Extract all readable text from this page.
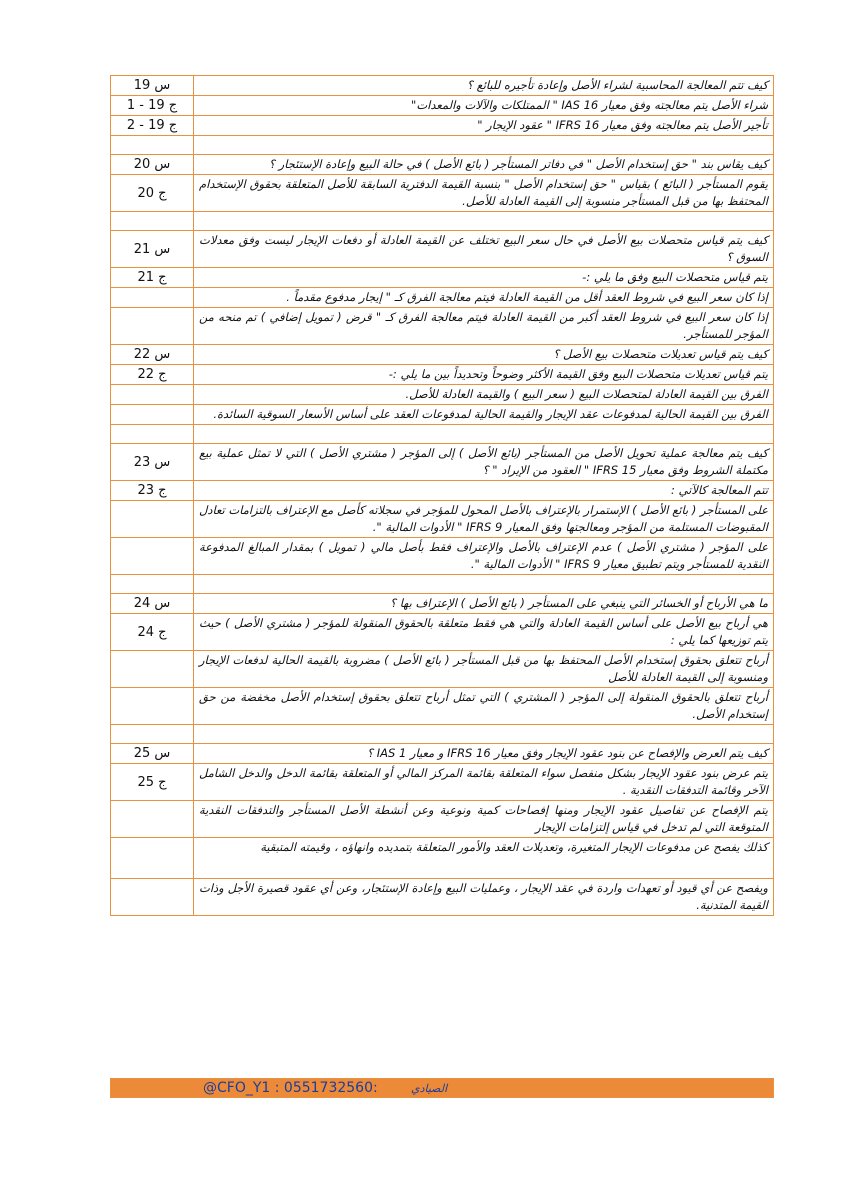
كيف تتم المعالجة المحاسبية لشراء الأصل وإعادة تأجيره للبائع ؟	س 19
شراء الأصل يتم معالجته وفق معيار IAS 16 " الممتلكات والآلات والمعدات"	ج 19 - 1
تأجير الأصل يتم معالجته وفق معيار IFRS 16 " عقود الإيجار "	ج 19 - 2

كيف يقاس بند " حق إستخدام الأصل " في دفاتر المستأجر ( بائع الأصل ) في حالة البيع وإعادة الإستئجار ؟	س 20
يقوم المستأجر ( البائع ) بقياس " حق إستخدام الأصل " بنسبة القيمة الدفترية السابقة للأصل المتعلقة بحقوق الإستخدام المحتفظ بها من قبل المستأجر منسوبة إلى القيمة العادلة للأصل.	ج 20

كيف يتم قياس متحصلات بيع الأصل في حال سعر البيع تختلف عن القيمة العادلة أو دفعات الإيجار ليست وفق معدلات السوق ؟	س 21
يتم قياس متحصلات البيع وفق ما يلي :-	ج 21
إذا كان سعر البيع في شروط العقد أقل من القيمة العادلة فيتم معالجة الفرق كـ " إيجار مدفوع مقدماً .	
إذا كان سعر البيع في شروط العقد أكبر من القيمة العادلة فيتم معالجة الفرق كـ " قرض ( تمويل إضافي ) تم منحه من المؤجر للمستأجر.	
كيف يتم قياس تعديلات متحصلات بيع الأصل ؟	س 22
يتم قياس تعديلات متحصلات البيع وفق القيمة الأكثر وضوحاً وتحديداً بين ما يلي :-	ج 22
الفرق بين القيمة العادلة لمتحصلات البيع ( سعر البيع ) والقيمة العادلة للأصل.	
الفرق بين القيمة الحالية لمدفوعات عقد الإيجار والقيمة الحالية لمدفوعات العقد على أساس الأسعار السوقية السائدة.	

كيف يتم معالجة عملية تحويل الأصل من المستأجر (بائع الأصل ) إلى المؤجر ( مشتري الأصل ) التي لا تمثل عملية بيع مكتملة الشروط وفق معيار IFRS 15 " العقود من الإيراد " ؟	س 23
تتم المعالجة كالآتي :	ج 23
على المستأجر ( بائع الأصل ) الإستمرار بالإعتراف بالأصل المحول للمؤجر في سجلاته كأصل مع الإعتراف بالتزامات تعادل المقبوضات المستلمة من المؤجر ومعالجتها وفق المعيار IFRS 9 " الأدوات المالية ".	
على المؤجر ( مشتري الأصل ) عدم الإعتراف بالأصل والإعتراف فقط بأصل مالي ( تمويل ) بمقدار المبالغ المدفوعة النقدية للمستأجر ويتم تطبيق معيار IFRS 9 " الأدوات المالية ".	

ما هي الأرباح أو الخسائر التي ينبغي على المستأجر ( بائع الأصل ) الإعتراف بها ؟	س 24
هي أرباح بيع الأصل على أساس القيمة العادلة والتي هي فقط متعلقة بالحقوق المنقولة للمؤجر ( مشتري الأصل ) حيث يتم توزيعها كما يلي :	ج 24
أرباح تتعلق بحقوق إستخدام الأصل المحتفظ بها من قبل المستأجر ( بائع الأصل ) مضروبة بالقيمة الحالية لدفعات الإيجار ومنسوبة إلى القيمة العادلة للأصل	
أرباح تتعلق بالحقوق المنقولة إلى المؤجر ( المشتري ) التي تمثل أرباح تتعلق بحقوق إستخدام الأصل مخفضة من حق إستخدام الأصل.	

كيف يتم العرض والإفصاح عن بنود عقود الإيجار وفق معيار IFRS 16 و معيار IAS 1 ؟	س 25
يتم عرض بنود عقود الإيجار بشكل منفصل سواء المتعلقة بقائمة المركز المالي أو المتعلقة بقائمة الدخل والدخل الشامل الآخر وقائمة التدفقات النقدية .	ج 25
يتم الإفصاح عن تفاصيل عقود الإيجار ومنها إفصاحات كمية ونوعية وعن أنشطة الأصل المستأجر والتدفقات النقدية المتوقعة التي لم تدخل في قياس إلتزامات الإيجار	
كذلك يفصح عن مدفوعات الإيجار المتغيرة، وتعديلات العقد والأمور المتعلقة بتمديده وانهاؤه ، وقيمته المتبقية	
ويفصح عن أي قيود أو تعهدات واردة في عقد الإيجار ، وعمليات البيع وإعادة الإستئجار، وعن أي عقود قصيرة الأجل وذات القيمة المتدنية.	
الصيادي
@CFO_Y1 : 0551732560:
